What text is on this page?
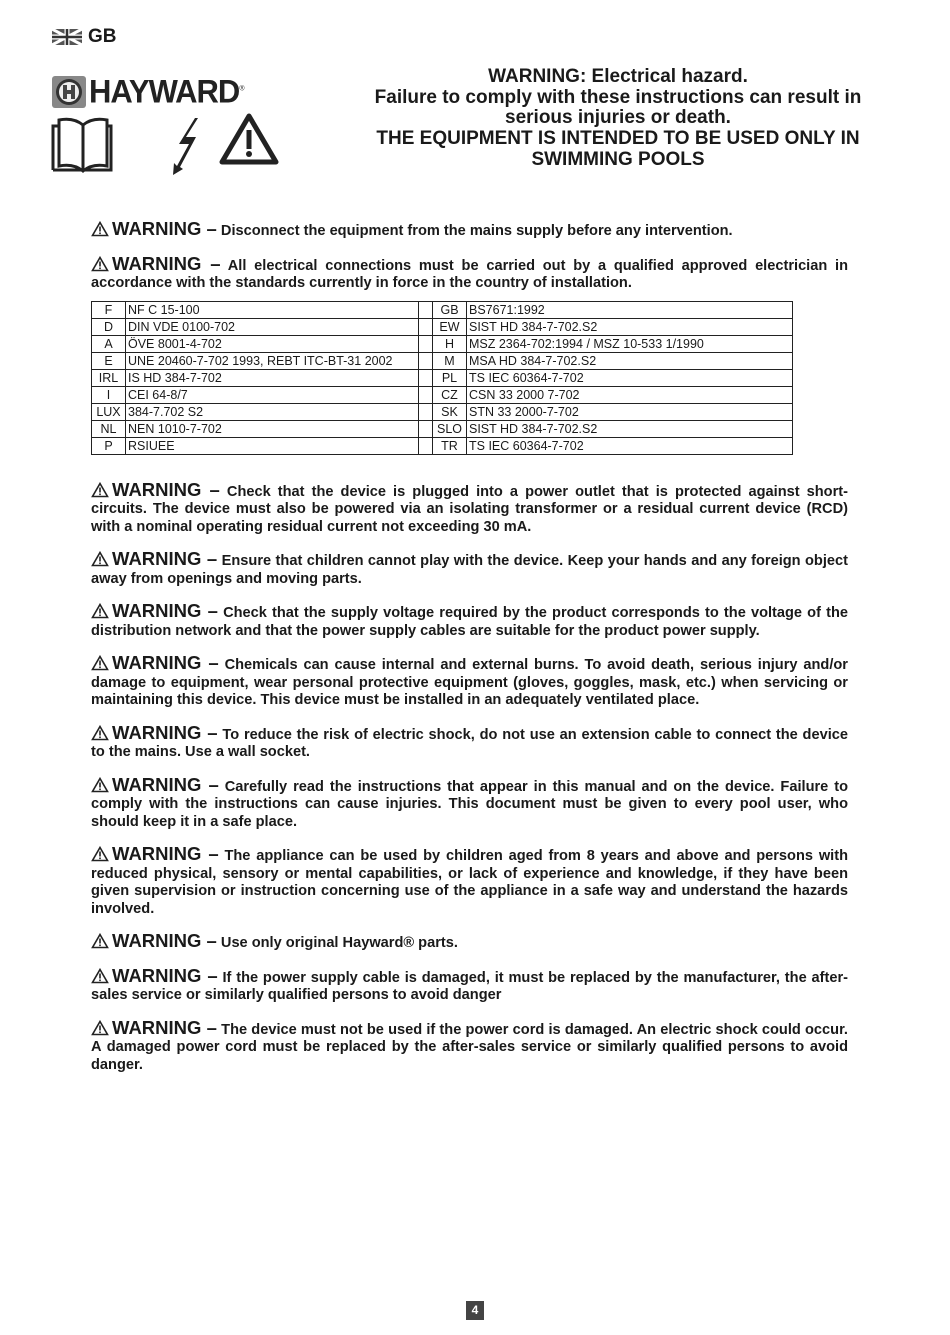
GB
HAYWARD®
WARNING: Electrical hazard.
Failure to comply with these instructions can result in
serious injuries or death.
THE EQUIPMENT IS INTENDED TO BE USED ONLY IN
SWIMMING POOLS
WARNING – Disconnect the equipment from the mains supply before any intervention.
WARNING – All electrical connections must be carried out by a qualified approved electrician in accordance with the standards currently in force in the country of installation.
F	NF C 15-100		GB	BS7671:1992
D	DIN VDE 0100-702		EW	SIST HD 384-7-702.S2
A	ÖVE 8001-4-702		H	MSZ 2364-702:1994 / MSZ 10-533 1/1990
E	UNE 20460-7-702 1993, REBT ITC-BT-31 2002		M	MSA HD 384-7-702.S2
IRL	IS HD 384-7-702		PL	TS IEC 60364-7-702
I	CEI 64-8/7		CZ	CSN 33 2000 7-702
LUX	384-7.702 S2		SK	STN 33 2000-7-702
NL	NEN 1010-7-702		SLO	SIST HD 384-7-702.S2
P	RSIUEE		TR	TS IEC 60364-7-702
WARNING – Check that the device is plugged into a power outlet that is protected against short-circuits. The device must also be powered via an isolating transformer or a residual current device (RCD) with a nominal operating residual current not exceeding 30 mA.
WARNING – Ensure that children cannot play with the device. Keep your hands and any foreign object away from openings and moving parts.
WARNING – Check that the supply voltage required by the product corresponds to the voltage of the distribution network and that the power supply cables are suitable for the product power supply.
WARNING – Chemicals can cause internal and external burns. To avoid death, serious injury and/or damage to equipment, wear personal protective equipment (gloves, goggles, mask, etc.) when servicing or maintaining this device. This device must be installed in an adequately ventilated place.
WARNING – To reduce the risk of electric shock, do not use an extension cable to connect the device to the mains. Use a wall socket.
WARNING – Carefully read the instructions that appear in this manual and on the device. Failure to comply with the instructions can cause injuries. This document must be given to every pool user, who should keep it in a safe place.
WARNING – The appliance can be used by children aged from 8 years and above and persons with reduced physical, sensory or mental capabilities, or lack of experience and knowledge, if they have been given supervision or instruction concerning use of the appliance in a safe way and understand the hazards involved.
WARNING – Use only original Hayward® parts.
WARNING – If the power supply cable is damaged, it must be replaced by the manufacturer, the after-sales service or similarly qualified persons to avoid danger
WARNING – The device must not be used if the power cord is damaged. An electric shock could occur. A damaged power cord must be replaced by the after-sales service or similarly qualified persons to avoid danger.
4
